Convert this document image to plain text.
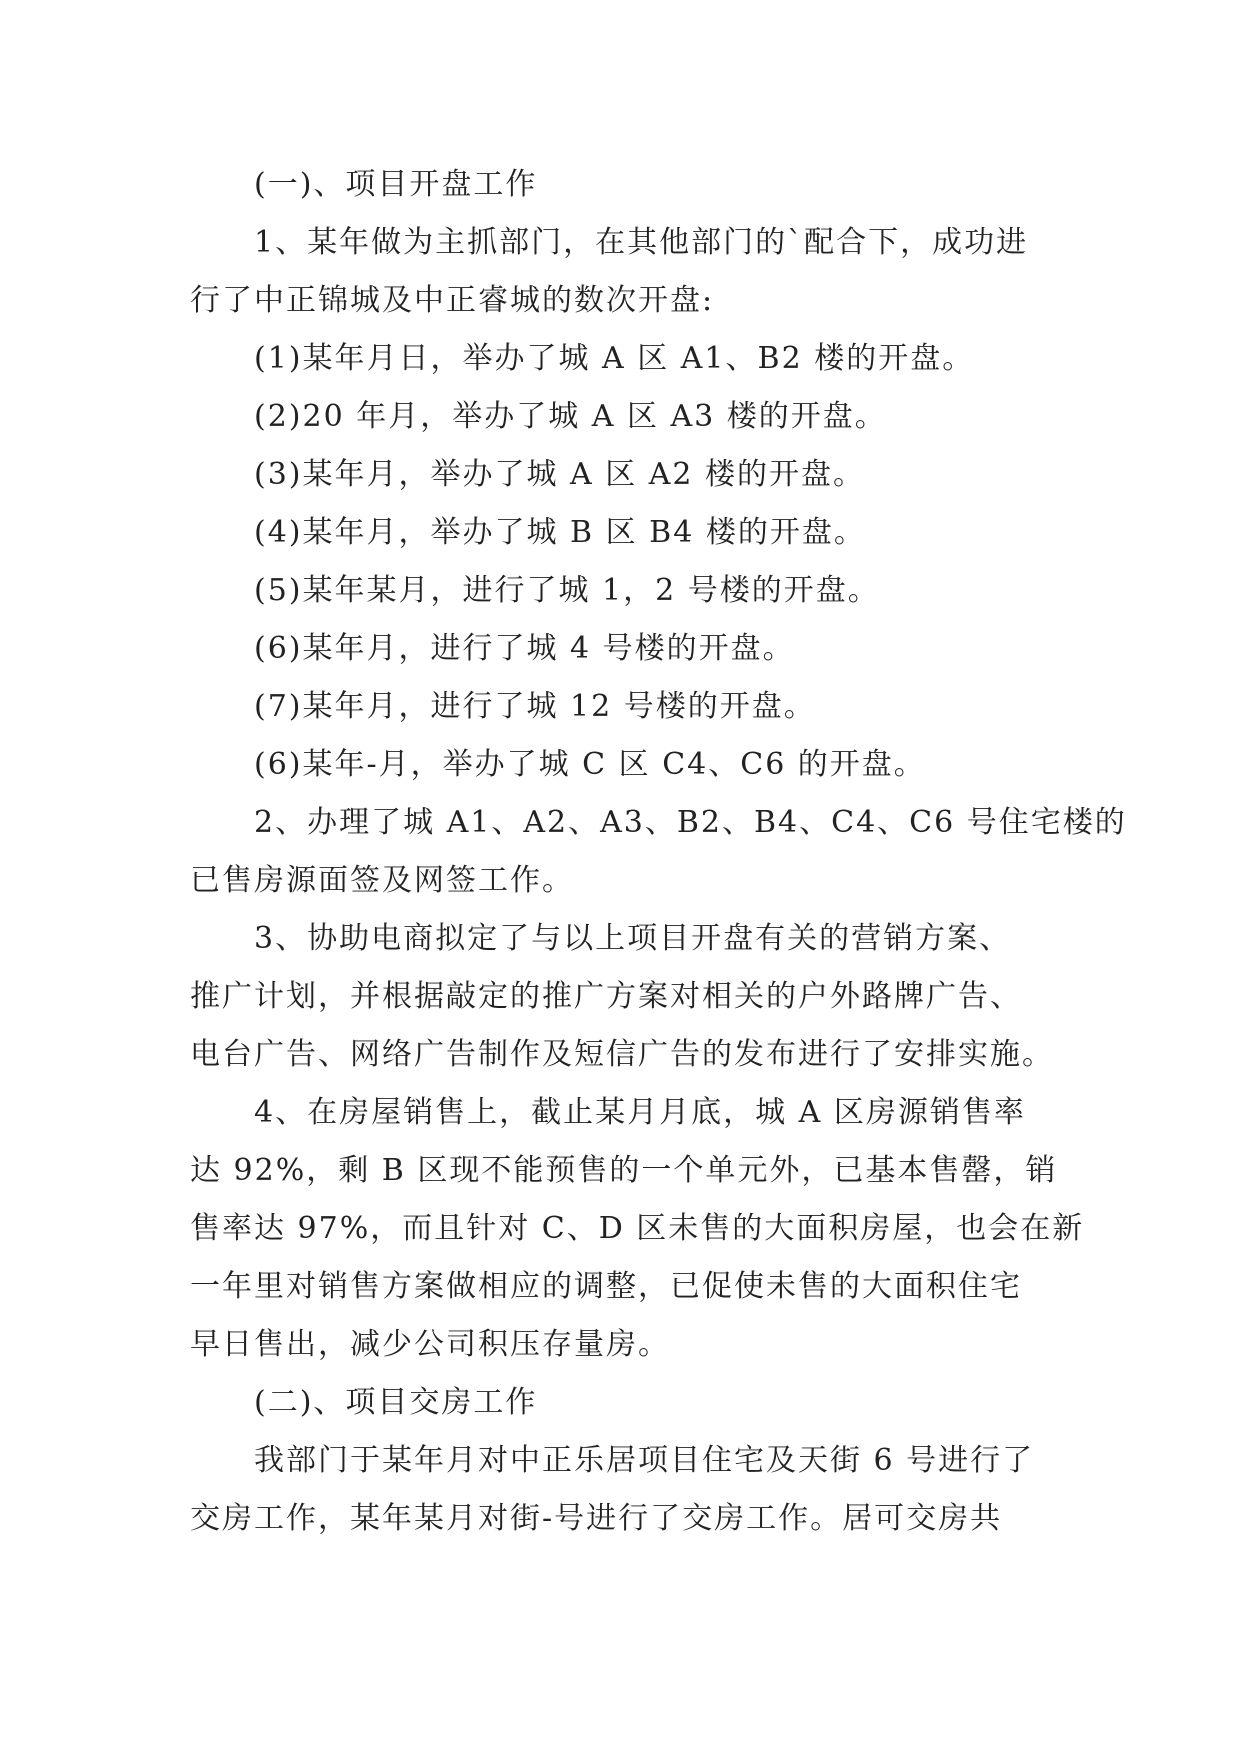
(一)、项目开盘工作
1、某年做为主抓部门，在其他部门的`配合下，成功进
行了中正锦城及中正睿城的数次开盘:
(1)某年月日，举办了城 A 区 A1、B2 楼的开盘。
(2)20 年月，举办了城 A 区 A3 楼的开盘。
(3)某年月，举办了城 A 区 A2 楼的开盘。
(4)某年月，举办了城 B 区 B4 楼的开盘。
(5)某年某月，进行了城 1，2 号楼的开盘。
(6)某年月，进行了城 4 号楼的开盘。
(7)某年月，进行了城 12 号楼的开盘。
(6)某年-月，举办了城 C 区 C4、C6 的开盘。
2、办理了城 A1、A2、A3、B2、B4、C4、C6 号住宅楼的
已售房源面签及网签工作。
3、协助电商拟定了与以上项目开盘有关的营销方案、
推广计划，并根据敲定的推广方案对相关的户外路牌广告、
电台广告、网络广告制作及短信广告的发布进行了安排实施。
4、在房屋销售上，截止某月月底，城 A 区房源销售率
达 92%，剩 B 区现不能预售的一个单元外，已基本售罄，销
售率达 97%，而且针对 C、D 区未售的大面积房屋，也会在新
一年里对销售方案做相应的调整，已促使未售的大面积住宅
早日售出，减少公司积压存量房。
(二)、项目交房工作
我部门于某年月对中正乐居项目住宅及天街 6 号进行了
交房工作，某年某月对街-号进行了交房工作。居可交房共
